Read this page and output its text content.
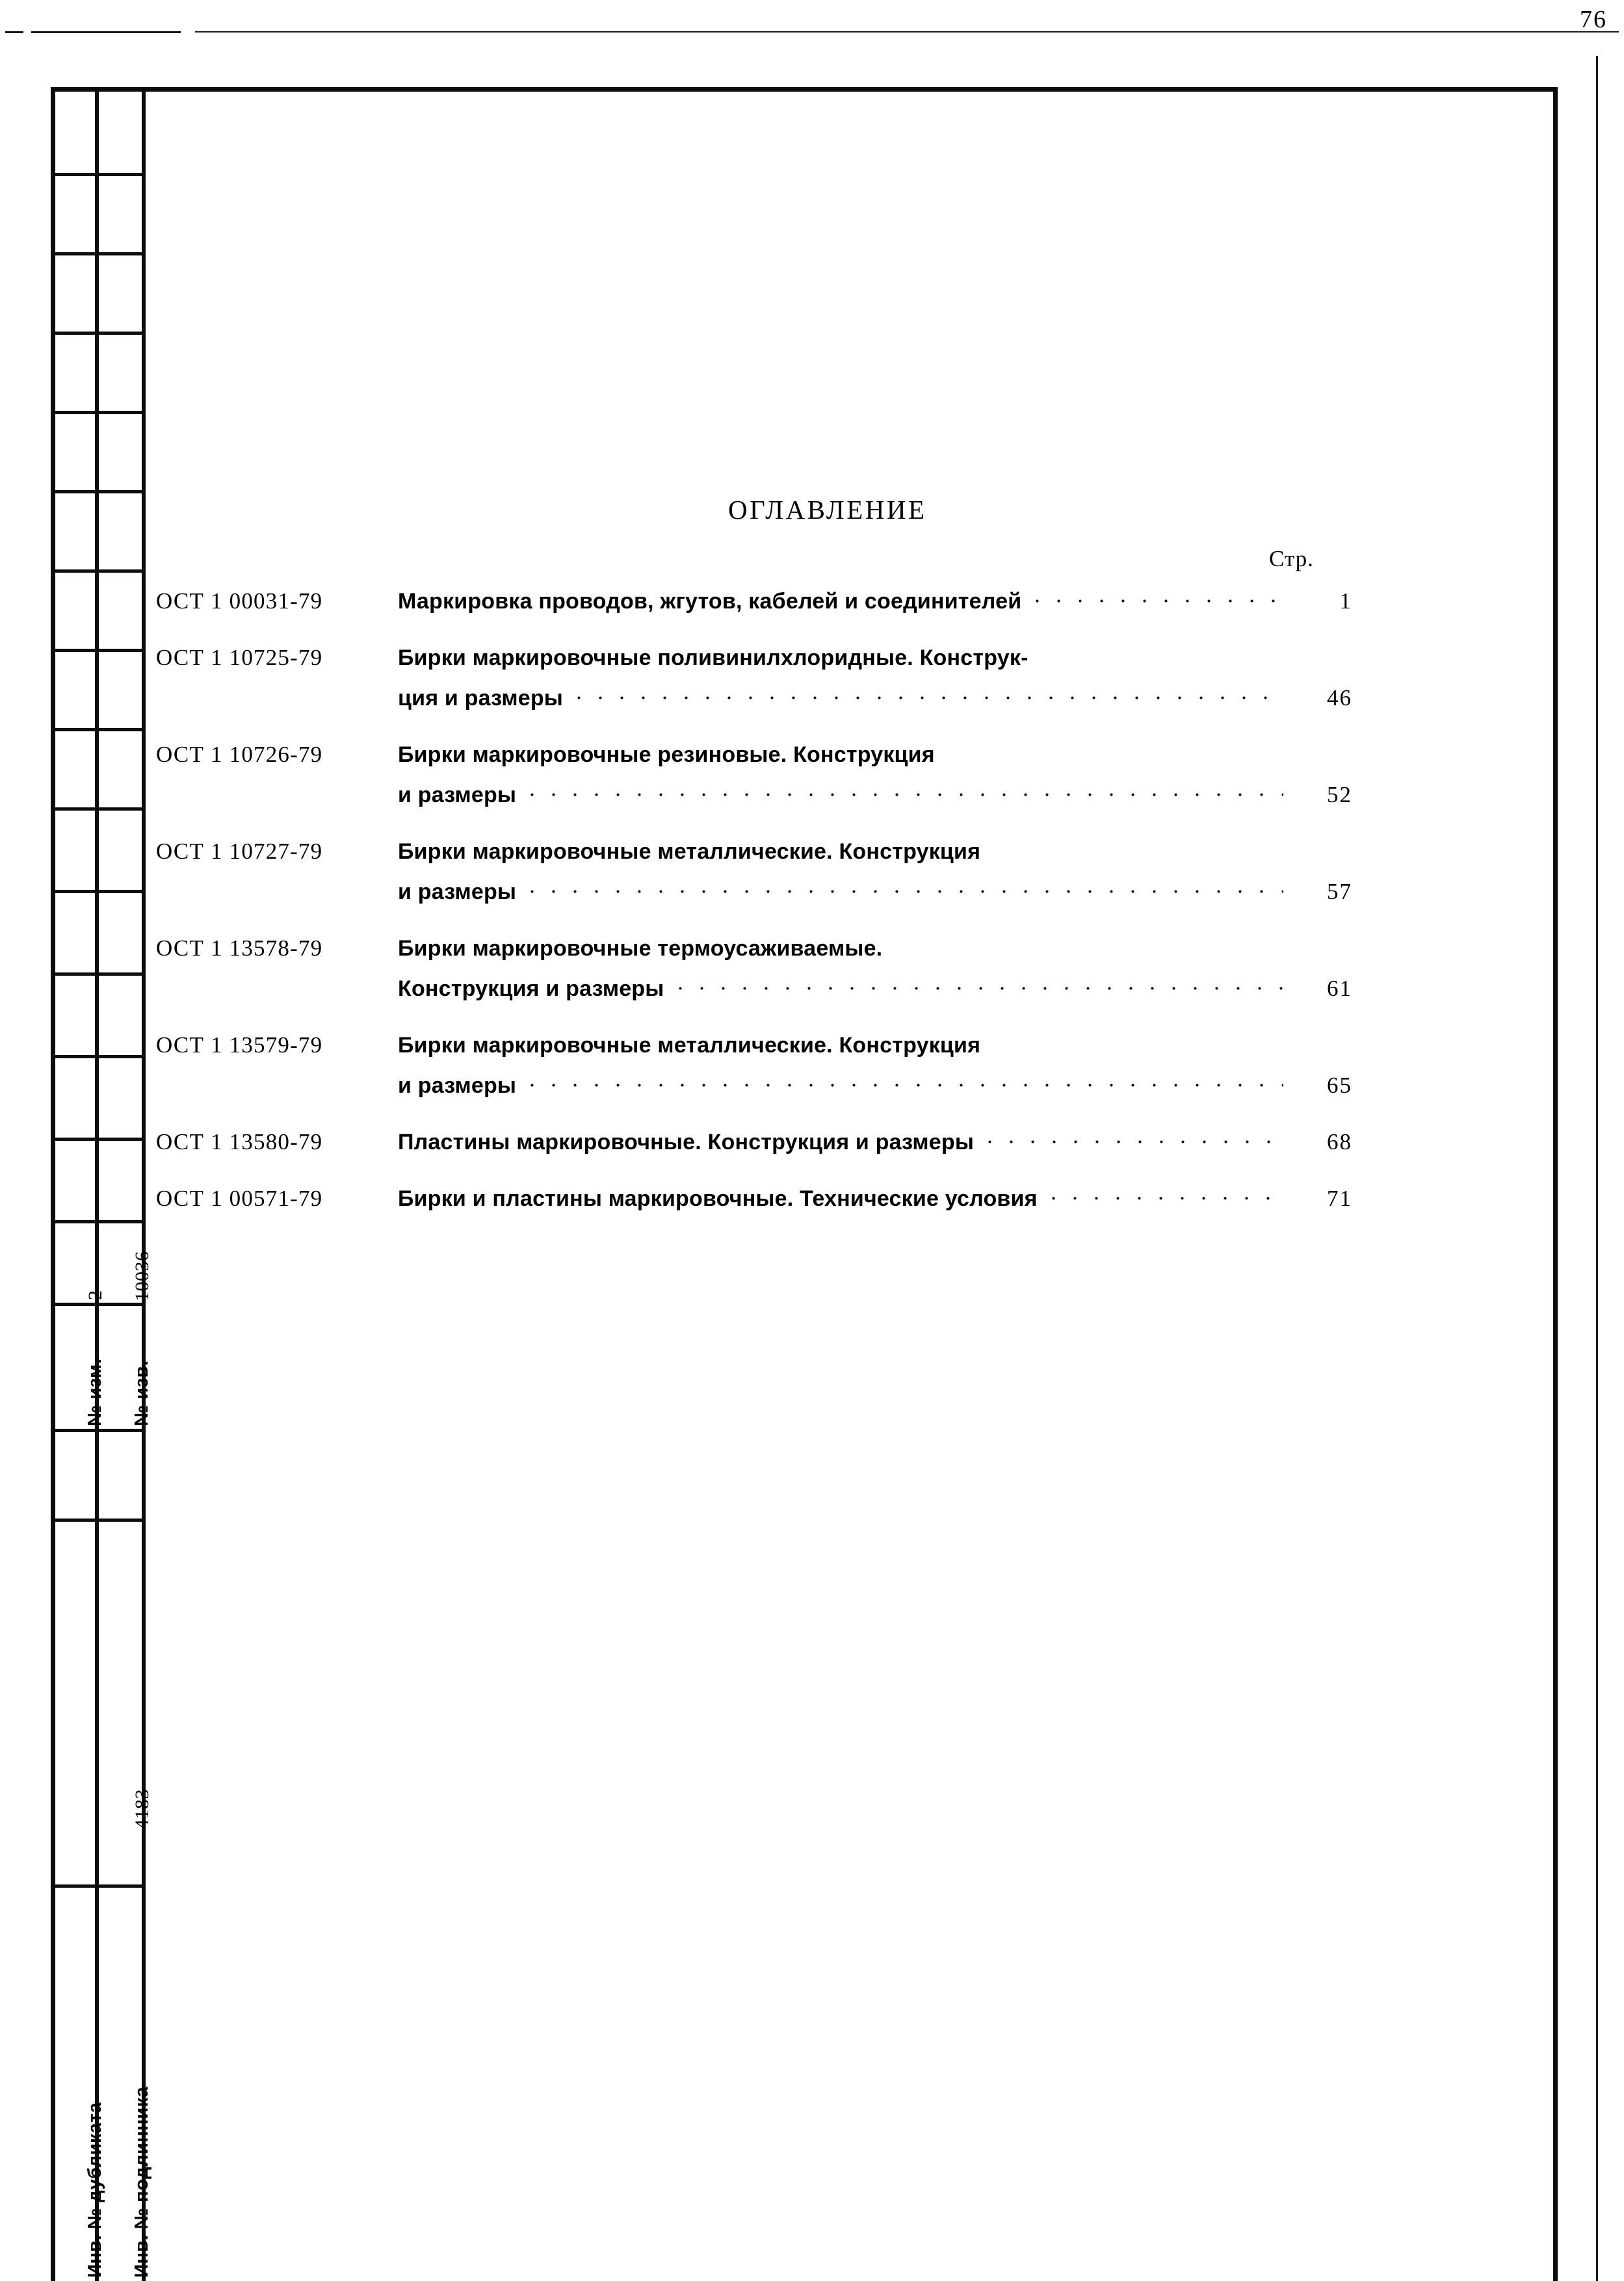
76
2 10036
№ изм. № изв.
4183
Инв. № дубликата Инв. № подлинника
ОГЛАВЛЕНИЕ
Стр.
ОСТ 1 00031-79	Маркировка проводов, жгутов, кабелей и соединителей	1
ОСТ 1 10725-79	Бирки маркировочные поливинилхлоридные. Конструк-
ция и размеры	46
ОСТ 1 10726-79	Бирки маркировочные резиновые. Конструкция
и размеры	52
ОСТ 1 10727-79	Бирки маркировочные металлические. Конструкция
и размеры	57
ОСТ 1 13578-79	Бирки маркировочные термоусаживаемые.
Конструкция и размеры	61
ОСТ 1 13579-79	Бирки маркировочные металлические. Конструкция
и размеры	65
ОСТ 1 13580-79	Пластины маркировочные. Конструкция и размеры	68
ОСТ 1 00571-79	Бирки и пластины маркировочные. Технические условия	71
